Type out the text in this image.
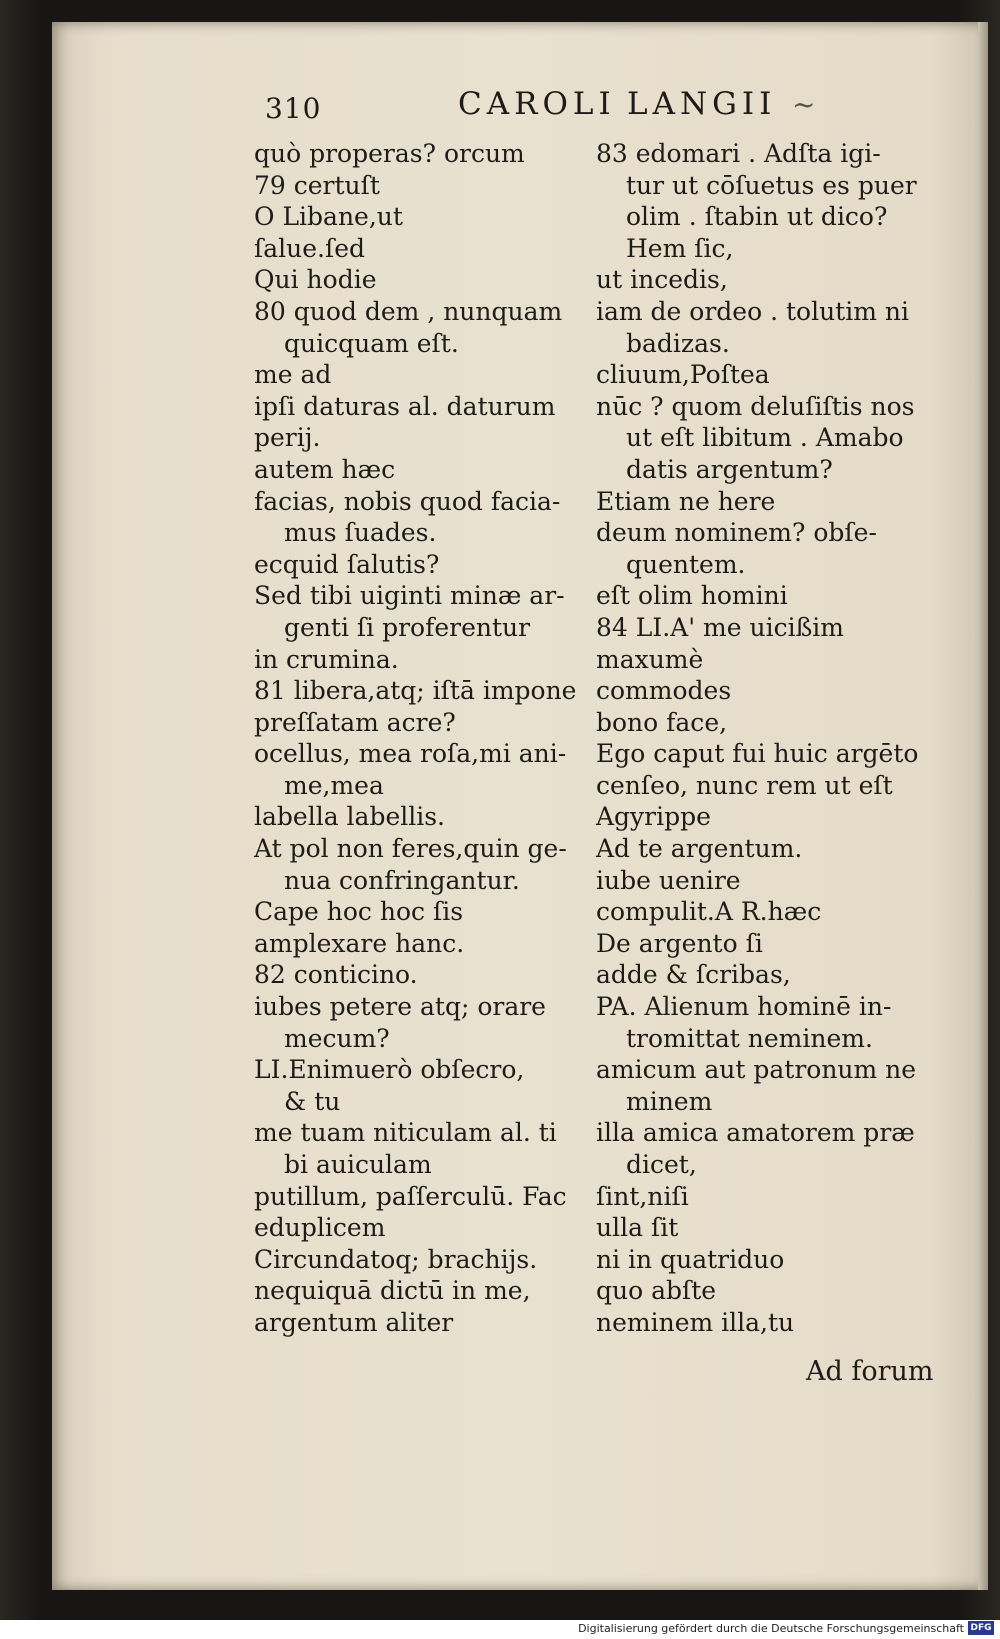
310	CAROLI LANGII ~
quò properas? orcum
79 certuſt
O Libane,ut
ſalue.ſed
Qui hodie
80 quod dem , nunquam
quicquam eſt.
me ad
ipſi daturas al. daturum
perij.
autem hæc
facias, nobis quod facia-
mus ſuades.
ecquid ſalutis?
Sed tibi uiginti minæ ar-
genti ſi proferentur
in crumina.
81 libera,atq; iſtā impone
preſſatam acre?
ocellus, mea roſa,mi ani-
me,mea
labella labellis.
At pol non feres,quin ge-
nua confringantur.
Cape hoc hoc ſis
amplexare hanc.
82 conticino.
iubes petere atq; orare
mecum?
LI.Enimuerò obſecro,
& tu
me tuam niticulam al. ti
bi auiculam
putillum, paſſerculū. Fac
eduplicem
Circundatoq; brachijs.
nequiquā dictū in me,
argentum aliter
83 edomari . Adſta igi-
tur ut cōſuetus es puer
olim . ſtabin ut dico?
Hem ſic,
ut incedis,
iam de ordeo . tolutim ni
badizas.
cliuum,Poſtea
nūc ? quom deluſiſtis nos
ut eſt libitum . Amabo
datis argentum?
Etiam ne here
deum nominem? obſe-
quentem.
eſt olim homini
84 LI.A' me uicißim
maxumè
commodes
bono face,
Ego caput fui huic argēto
cenſeo, nunc rem ut eſt
Agyrippe
Ad te argentum.
iube uenire
compulit.A R.hæc
De argento ſi
adde & ſcribas,
PA. Alienum hominē in-
tromittat neminem.
amicum aut patronum ne
minem
illa amica amatorem præ
dicet,
ſint,niſi
ulla ſit
ni in quatriduo
quo abſte
neminem illa,tu
Ad forum
Digitalisierung gefördert durch die Deutsche Forschungsgemeinschaft DFG
